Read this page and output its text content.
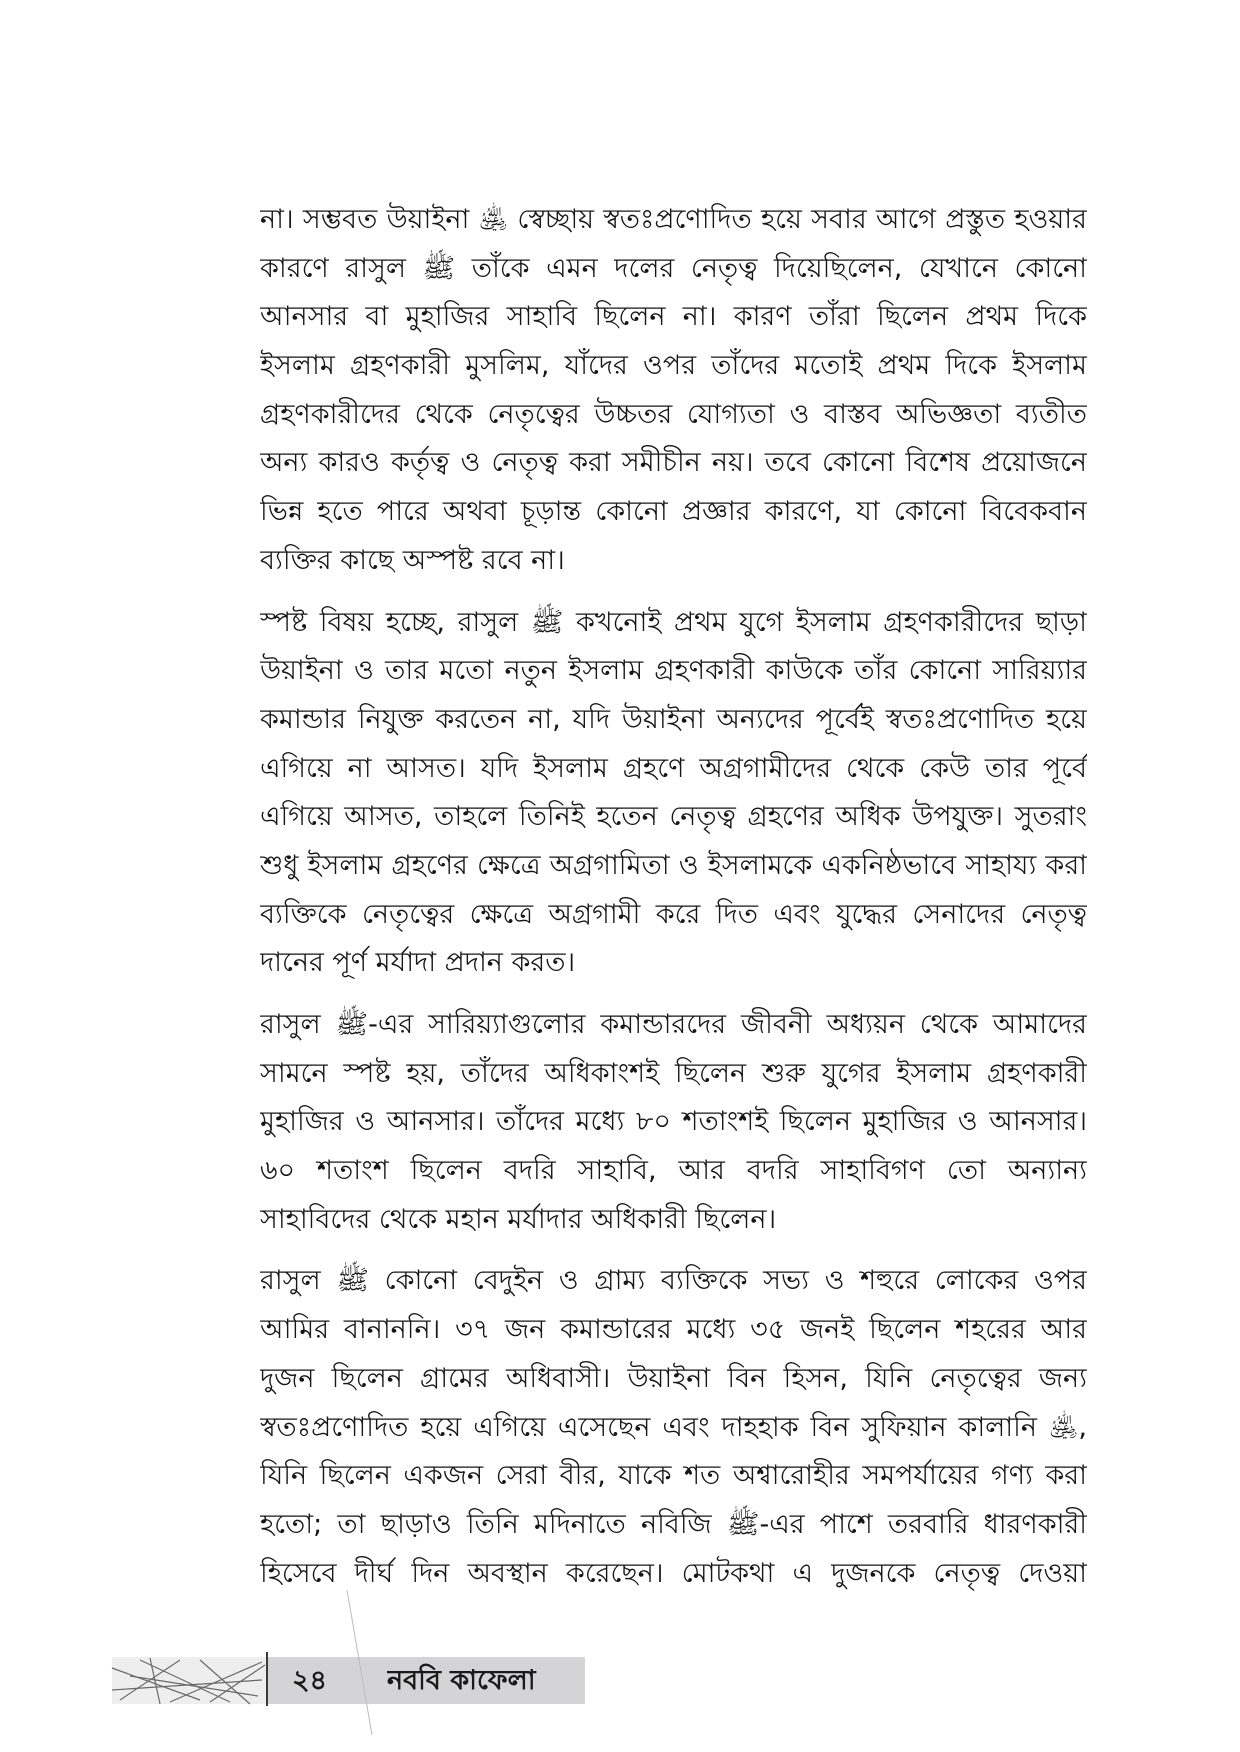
না। সম্ভবত উয়াইনা ﵁ স্বেচ্ছায় স্বতঃপ্রণোদিত হয়ে সবার আগে প্রস্তুত হওয়ার
কারণে রাসুল ﷺ তাঁকে এমন দলের নেতৃত্ব দিয়েছিলেন, যেখানে কোনো
আনসার বা মুহাজির সাহাবি ছিলেন না। কারণ তাঁরা ছিলেন প্রথম দিকে
ইসলাম গ্রহণকারী মুসলিম, যাঁদের ওপর তাঁদের মতোই প্রথম দিকে ইসলাম
গ্রহণকারীদের থেকে নেতৃত্বের উচ্চতর যোগ্যতা ও বাস্তব অভিজ্ঞতা ব্যতীত
অন্য কারও কর্তৃত্ব ও নেতৃত্ব করা সমীচীন নয়। তবে কোনো বিশেষ প্রয়োজনে
ভিন্ন হতে পারে অথবা চূড়ান্ত কোনো প্রজ্ঞার কারণে, যা কোনো বিবেকবান
ব্যক্তির কাছে অস্পষ্ট রবে না।
স্পষ্ট বিষয় হচ্ছে, রাসুল ﷺ কখনোই প্রথম যুগে ইসলাম গ্রহণকারীদের ছাড়া
উয়াইনা ও তার মতো নতুন ইসলাম গ্রহণকারী কাউকে তাঁর কোনো সারিয়্যার
কমান্ডার নিযুক্ত করতেন না, যদি উয়াইনা অন্যদের পূর্বেই স্বতঃপ্রণোদিত হয়ে
এগিয়ে না আসত। যদি ইসলাম গ্রহণে অগ্রগামীদের থেকে কেউ তার পূর্বে
এগিয়ে আসত, তাহলে তিনিই হতেন নেতৃত্ব গ্রহণের অধিক উপযুক্ত। সুতরাং
শুধু ইসলাম গ্রহণের ক্ষেত্রে অগ্রগামিতা ও ইসলামকে একনিষ্ঠভাবে সাহায্য করা
ব্যক্তিকে নেতৃত্বের ক্ষেত্রে অগ্রগামী করে দিত এবং যুদ্ধের সেনাদের নেতৃত্ব
দানের পূর্ণ মর্যাদা প্রদান করত।
রাসুল ﷺ-এর সারিয়্যাগুলোর কমান্ডারদের জীবনী অধ্যয়ন থেকে আমাদের
সামনে স্পষ্ট হয়, তাঁদের অধিকাংশই ছিলেন শুরু যুগের ইসলাম গ্রহণকারী
মুহাজির ও আনসার। তাঁদের মধ্যে ৮০ শতাংশই ছিলেন মুহাজির ও আনসার।
৬০ শতাংশ ছিলেন বদরি সাহাবি, আর বদরি সাহাবিগণ তো অন্যান্য
সাহাবিদের থেকে মহান মর্যাদার অধিকারী ছিলেন।
রাসুল ﷺ কোনো বেদুইন ও গ্রাম্য ব্যক্তিকে সভ্য ও শহুরে লোকের ওপর
আমির বানাননি। ৩৭ জন কমান্ডারের মধ্যে ৩৫ জনই ছিলেন শহরের আর
দুজন ছিলেন গ্রামের অধিবাসী। উয়াইনা বিন হিসন, যিনি নেতৃত্বের জন্য
স্বতঃপ্রণোদিত হয়ে এগিয়ে এসেছেন এবং দাহহাক বিন সুফিয়ান কালানি ﵁,
যিনি ছিলেন একজন সেরা বীর, যাকে শত অশ্বারোহীর সমপর্যায়ের গণ্য করা
হতো; তা ছাড়াও তিনি মদিনাতে নবিজি ﷺ-এর পাশে তরবারি ধারণকারী
হিসেবে দীর্ঘ দিন অবস্থান করেছেন। মোটকথা এ দুজনকে নেতৃত্ব দেওয়া
২৪ নববি কাফেলা
